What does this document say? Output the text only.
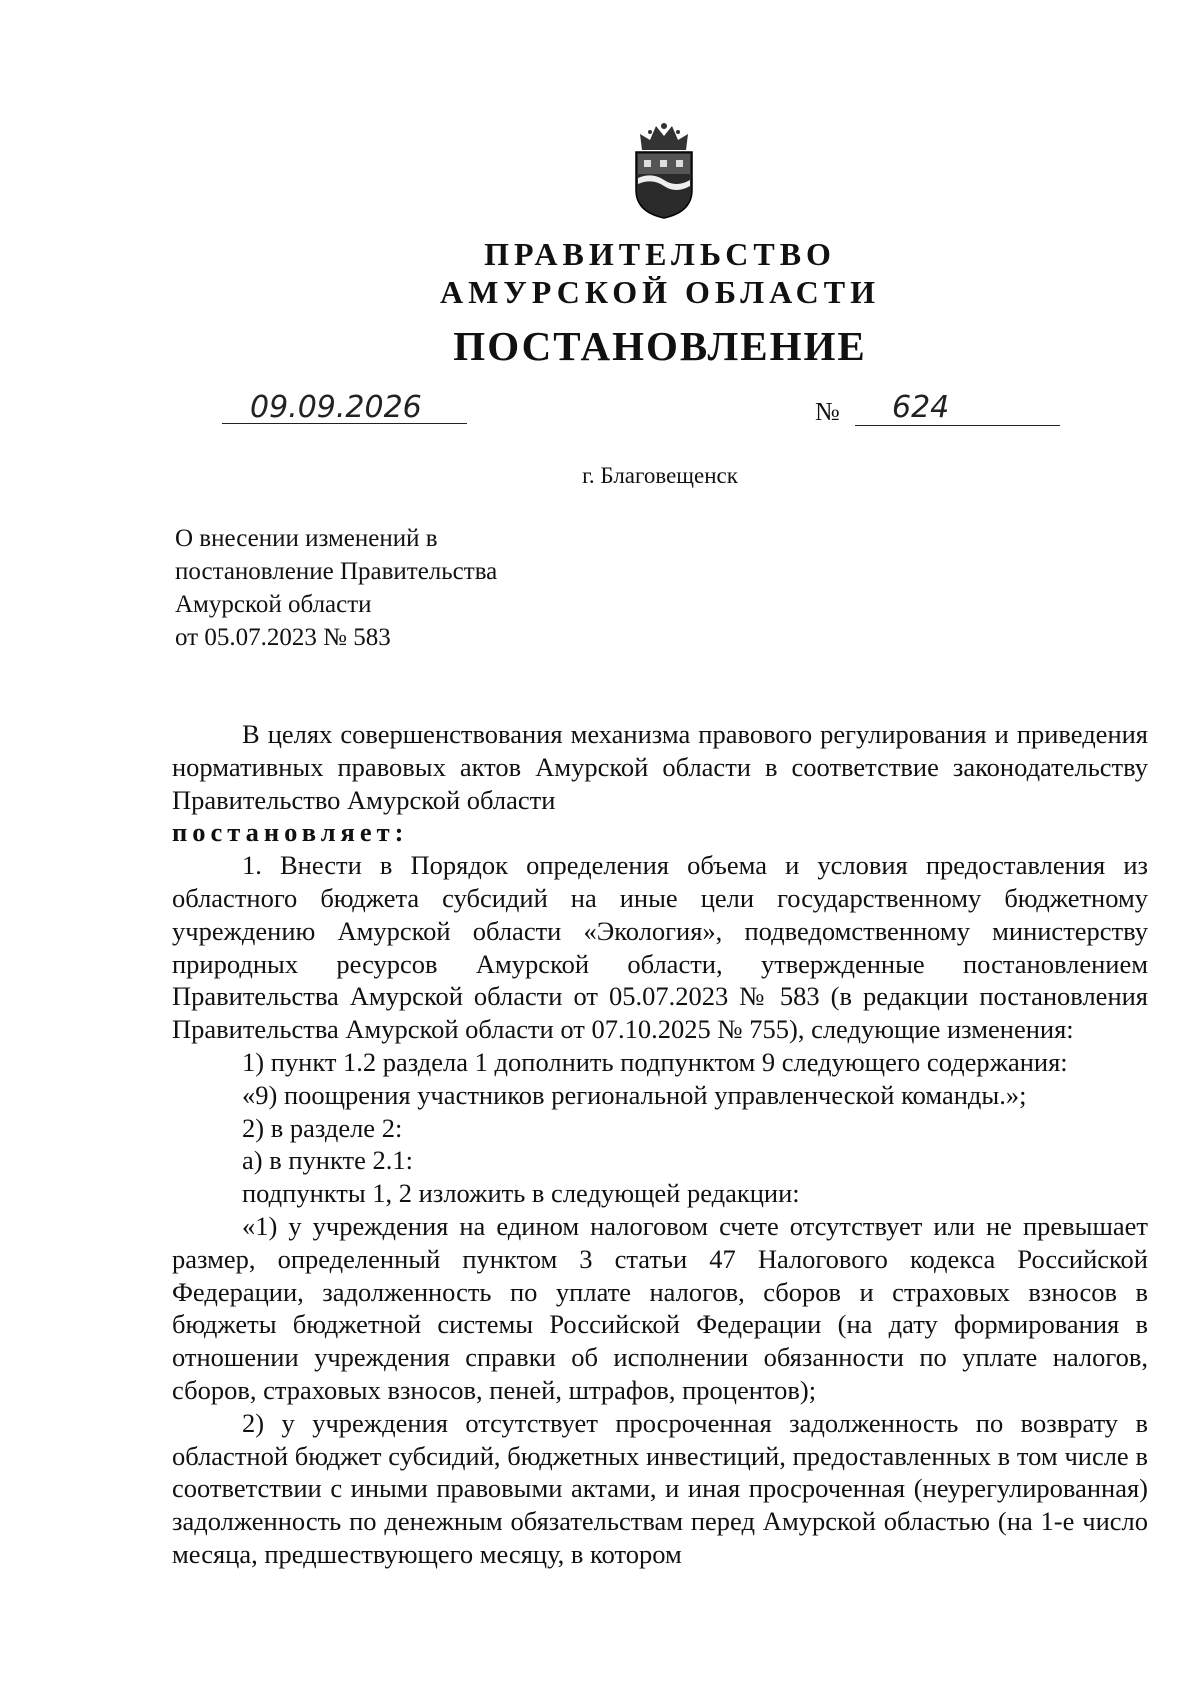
ПРАВИТЕЛЬСТВО
АМУРСКОЙ ОБЛАСТИ
ПОСТАНОВЛЕНИЕ
09.09.2026	№ 624
г. Благовещенск
О внесении изменений в
постановление Правительства
Амурской области
от 05.07.2023 № 583

В целях совершенствования механизма правового регулирования и приведения нормативных правовых актов Амурской области в соответствие законодательству Правительство Амурской области

постановляет:

1. Внести в Порядок определения объема и условия предоставления из областного бюджета субсидий на иные цели государственному бюджетному учреждению Амурской области «Экология», подведомственному министерству природных ресурсов Амурской области, утвержденные постановлением Правительства Амурской области от 05.07.2023 № 583 (в редакции постановления Правительства Амурской области от 07.10.2025 № 755), следующие изменения:

1) пункт 1.2 раздела 1 дополнить подпунктом 9 следующего содержания:

«9) поощрения участников региональной управленческой команды.»;

2) в разделе 2:

а) в пункте 2.1:

подпункты 1, 2 изложить в следующей редакции:

«1) у учреждения на едином налоговом счете отсутствует или не превышает размер, определенный пунктом 3 статьи 47 Налогового кодекса Российской Федерации, задолженность по уплате налогов, сборов и страховых взносов в бюджеты бюджетной системы Российской Федерации (на дату формирования в отношении учреждения справки об исполнении обязанности по уплате налогов, сборов, страховых взносов, пеней, штрафов, процентов);

2) у учреждения отсутствует просроченная задолженность по возврату в областной бюджет субсидий, бюджетных инвестиций, предоставленных в том числе в соответствии с иными правовыми актами, и иная просроченная (неурегулированная) задолженность по денежным обязательствам перед Амурской областью (на 1-е число месяца, предшествующего месяцу, в котором
